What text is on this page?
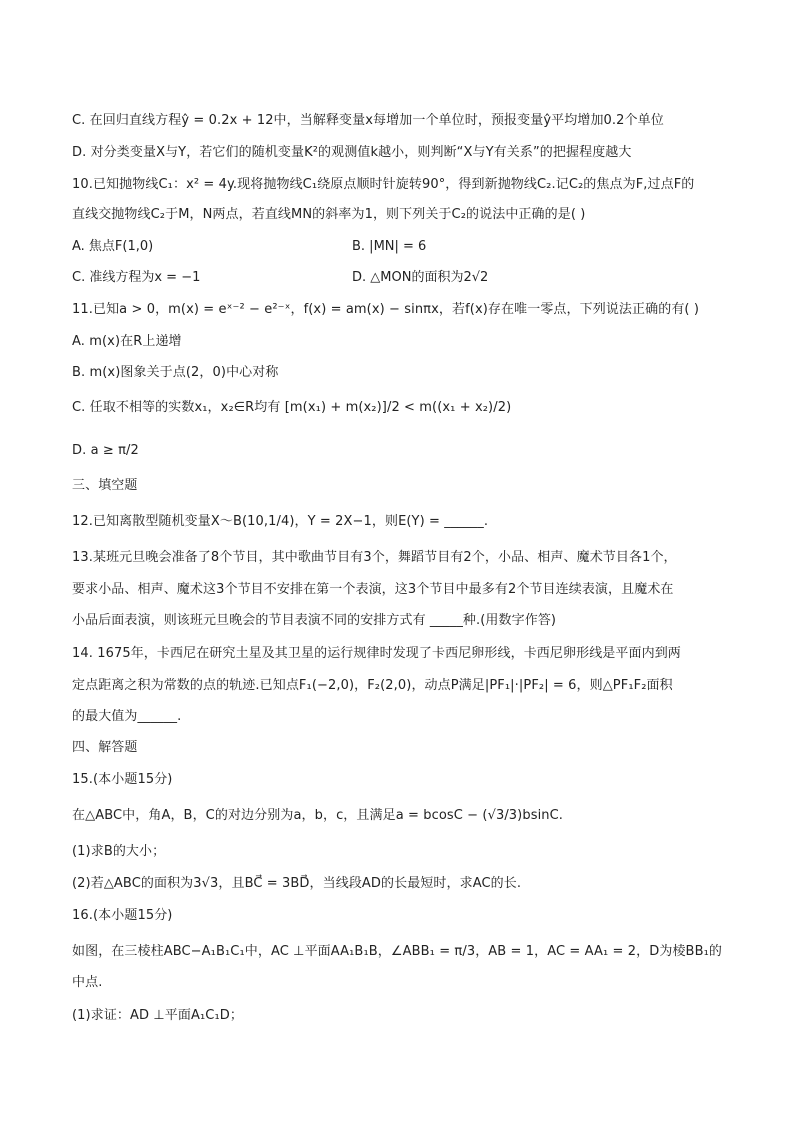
C. 在回归直线方程ŷ = 0.2x + 12中，当解释变量x每增加一个单位时，预报变量ŷ平均增加0.2个单位
D. 对分类变量X与Y，若它们的随机变量K²的观测值k越小，则判断“X与Y有关系”的把握程度越大
10.已知抛物线C₁：x² = 4y.现将抛物线C₁绕原点顺时针旋转90°，得到新抛物线C₂.记C₂的焦点为F,过点F的
直线交抛物线C₂于M，N两点，若直线MN的斜率为1，则下列关于C₂的说法中正确的是( )
A. 焦点F(1,0)	B. |MN| = 6
C. 准线方程为x = −1	D. △MON的面积为2√2
11.已知a > 0，m(x) = eˣ⁻² − e²⁻ˣ，f(x) = am(x) − sinπx，若f(x)存在唯一零点，下列说法正确的有( )
A. m(x)在R上递增
B. m(x)图象关于点(2，0)中心对称
C. 任取不相等的实数x₁，x₂∈R均有 [m(x₁) + m(x₂)]/2 < m((x₁ + x₂)/2)
D. a ≥ π/2
三、填空题
12.已知离散型随机变量X～B(10,1/4)，Y = 2X−1，则E(Y) = ______.
13.某班元旦晚会准备了8个节目，其中歌曲节目有3个，舞蹈节目有2个，小品、相声、魔术节目各1个，
要求小品、相声、魔术这3个节目不安排在第一个表演，这3个节目中最多有2个节目连续表演，且魔术在
小品后面表演，则该班元旦晚会的节目表演不同的安排方式有 _____种.(用数字作答)
14. 1675年，卡西尼在研究土星及其卫星的运行规律时发现了卡西尼卵形线，卡西尼卵形线是平面内到两
定点距离之积为常数的点的轨迹.已知点F₁(−2,0)，F₂(2,0)，动点P满足|PF₁|·|PF₂| = 6，则△PF₁F₂面积
的最大值为______.
四、解答题
15.(本小题15分)
在△ABC中，角A，B，C的对边分别为a，b，c，且满足a = bcosC − (√3/3)bsinC.
(1)求B的大小；
(2)若△ABC的面积为3√3，且BC⃗ = 3BD⃗，当线段AD的长最短时，求AC的长.
16.(本小题15分)
如图，在三棱柱ABC−A₁B₁C₁中，AC ⊥平面AA₁B₁B，∠ABB₁ = π/3，AB = 1，AC = AA₁ = 2，D为棱BB₁的
中点.
(1)求证：AD ⊥平面A₁C₁D；
